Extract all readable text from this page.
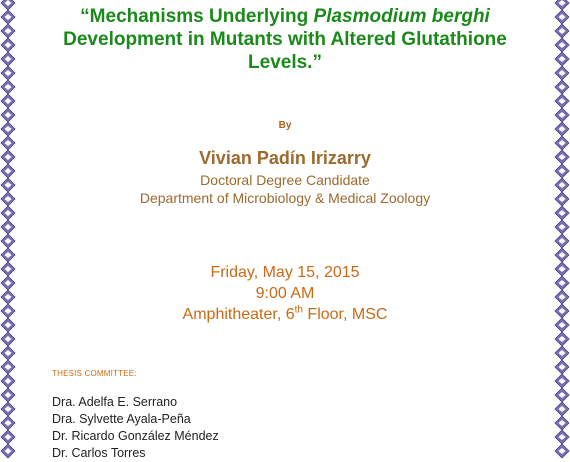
“Mechanisms Underlying Plasmodium berghi
Development in Mutants with Altered Glutathione
Levels.”
By
Vivian Padín Irizarry
Doctoral Degree Candidate
Department of Microbiology & Medical Zoology
Friday, May 15, 2015
9:00 AM
Amphitheater, 6th Floor, MSC
THESIS COMMITTEE:
Dra. Adelfa E. Serrano
Dra. Sylvette Ayala-Peña
Dr. Ricardo González Méndez
Dr. Carlos Torres
